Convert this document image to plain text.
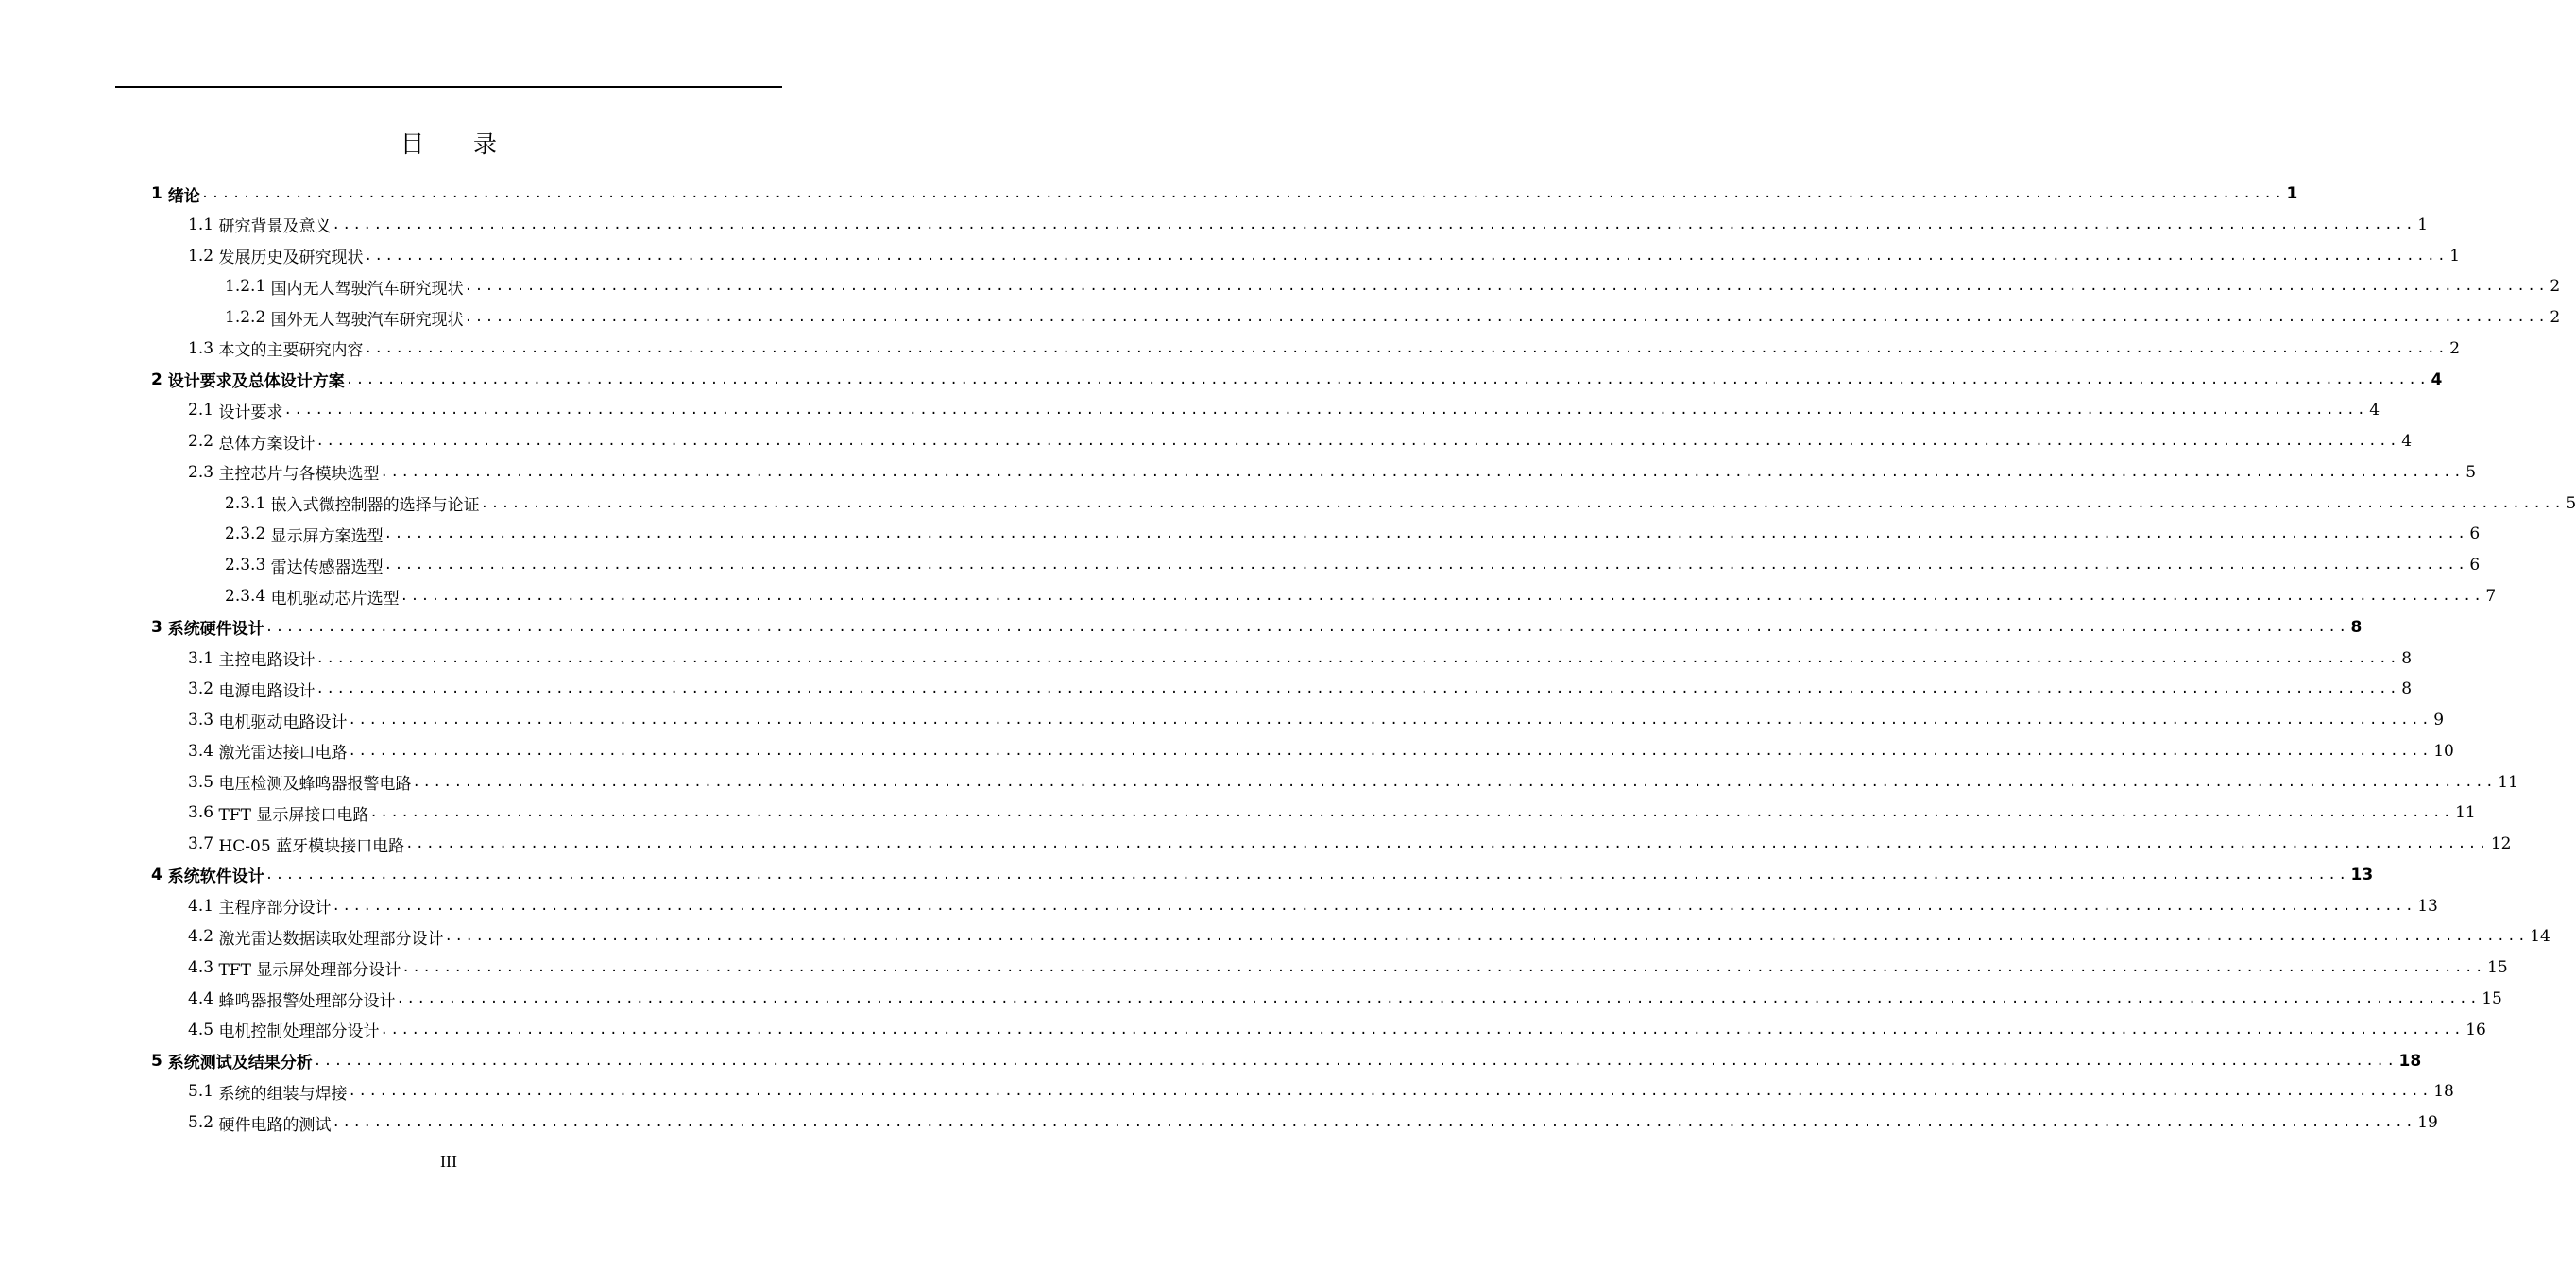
目 录
1 绪论 ........................................................................................................................................................................................................ 1
1.1 研究背景及意义 ........................................................................................................................................................................................................ 1
1.2 发展历史及研究现状 ........................................................................................................................................................................................................ 1
1.2.1 国内无人驾驶汽车研究现状 ........................................................................................................................................................................................................ 2
1.2.2 国外无人驾驶汽车研究现状 ........................................................................................................................................................................................................ 2
1.3 本文的主要研究内容 ........................................................................................................................................................................................................ 2
2 设计要求及总体设计方案 ........................................................................................................................................................................................................ 4
2.1 设计要求 ........................................................................................................................................................................................................ 4
2.2 总体方案设计 ........................................................................................................................................................................................................ 4
2.3 主控芯片与各模块选型 ........................................................................................................................................................................................................ 5
2.3.1 嵌入式微控制器的选择与论证 ........................................................................................................................................................................................................ 5
2.3.2 显示屏方案选型 ........................................................................................................................................................................................................ 6
2.3.3 雷达传感器选型 ........................................................................................................................................................................................................ 6
2.3.4 电机驱动芯片选型 ........................................................................................................................................................................................................ 7
3 系统硬件设计 ........................................................................................................................................................................................................ 8
3.1 主控电路设计 ........................................................................................................................................................................................................ 8
3.2 电源电路设计 ........................................................................................................................................................................................................ 8
3.3 电机驱动电路设计 ........................................................................................................................................................................................................ 9
3.4 激光雷达接口电路 ........................................................................................................................................................................................................ 10
3.5 电压检测及蜂鸣器报警电路 ........................................................................................................................................................................................................ 11
3.6 TFT 显示屏接口电路 ........................................................................................................................................................................................................ 11
3.7 HC-05 蓝牙模块接口电路 ........................................................................................................................................................................................................ 12
4 系统软件设计 ........................................................................................................................................................................................................ 13
4.1 主程序部分设计 ........................................................................................................................................................................................................ 13
4.2 激光雷达数据读取处理部分设计 ........................................................................................................................................................................................................ 14
4.3 TFT 显示屏处理部分设计 ........................................................................................................................................................................................................ 15
4.4 蜂鸣器报警处理部分设计 ........................................................................................................................................................................................................ 15
4.5 电机控制处理部分设计 ........................................................................................................................................................................................................ 16
5 系统测试及结果分析 ........................................................................................................................................................................................................ 18
5.1 系统的组装与焊接 ........................................................................................................................................................................................................ 18
5.2 硬件电路的测试 ........................................................................................................................................................................................................ 19
III
